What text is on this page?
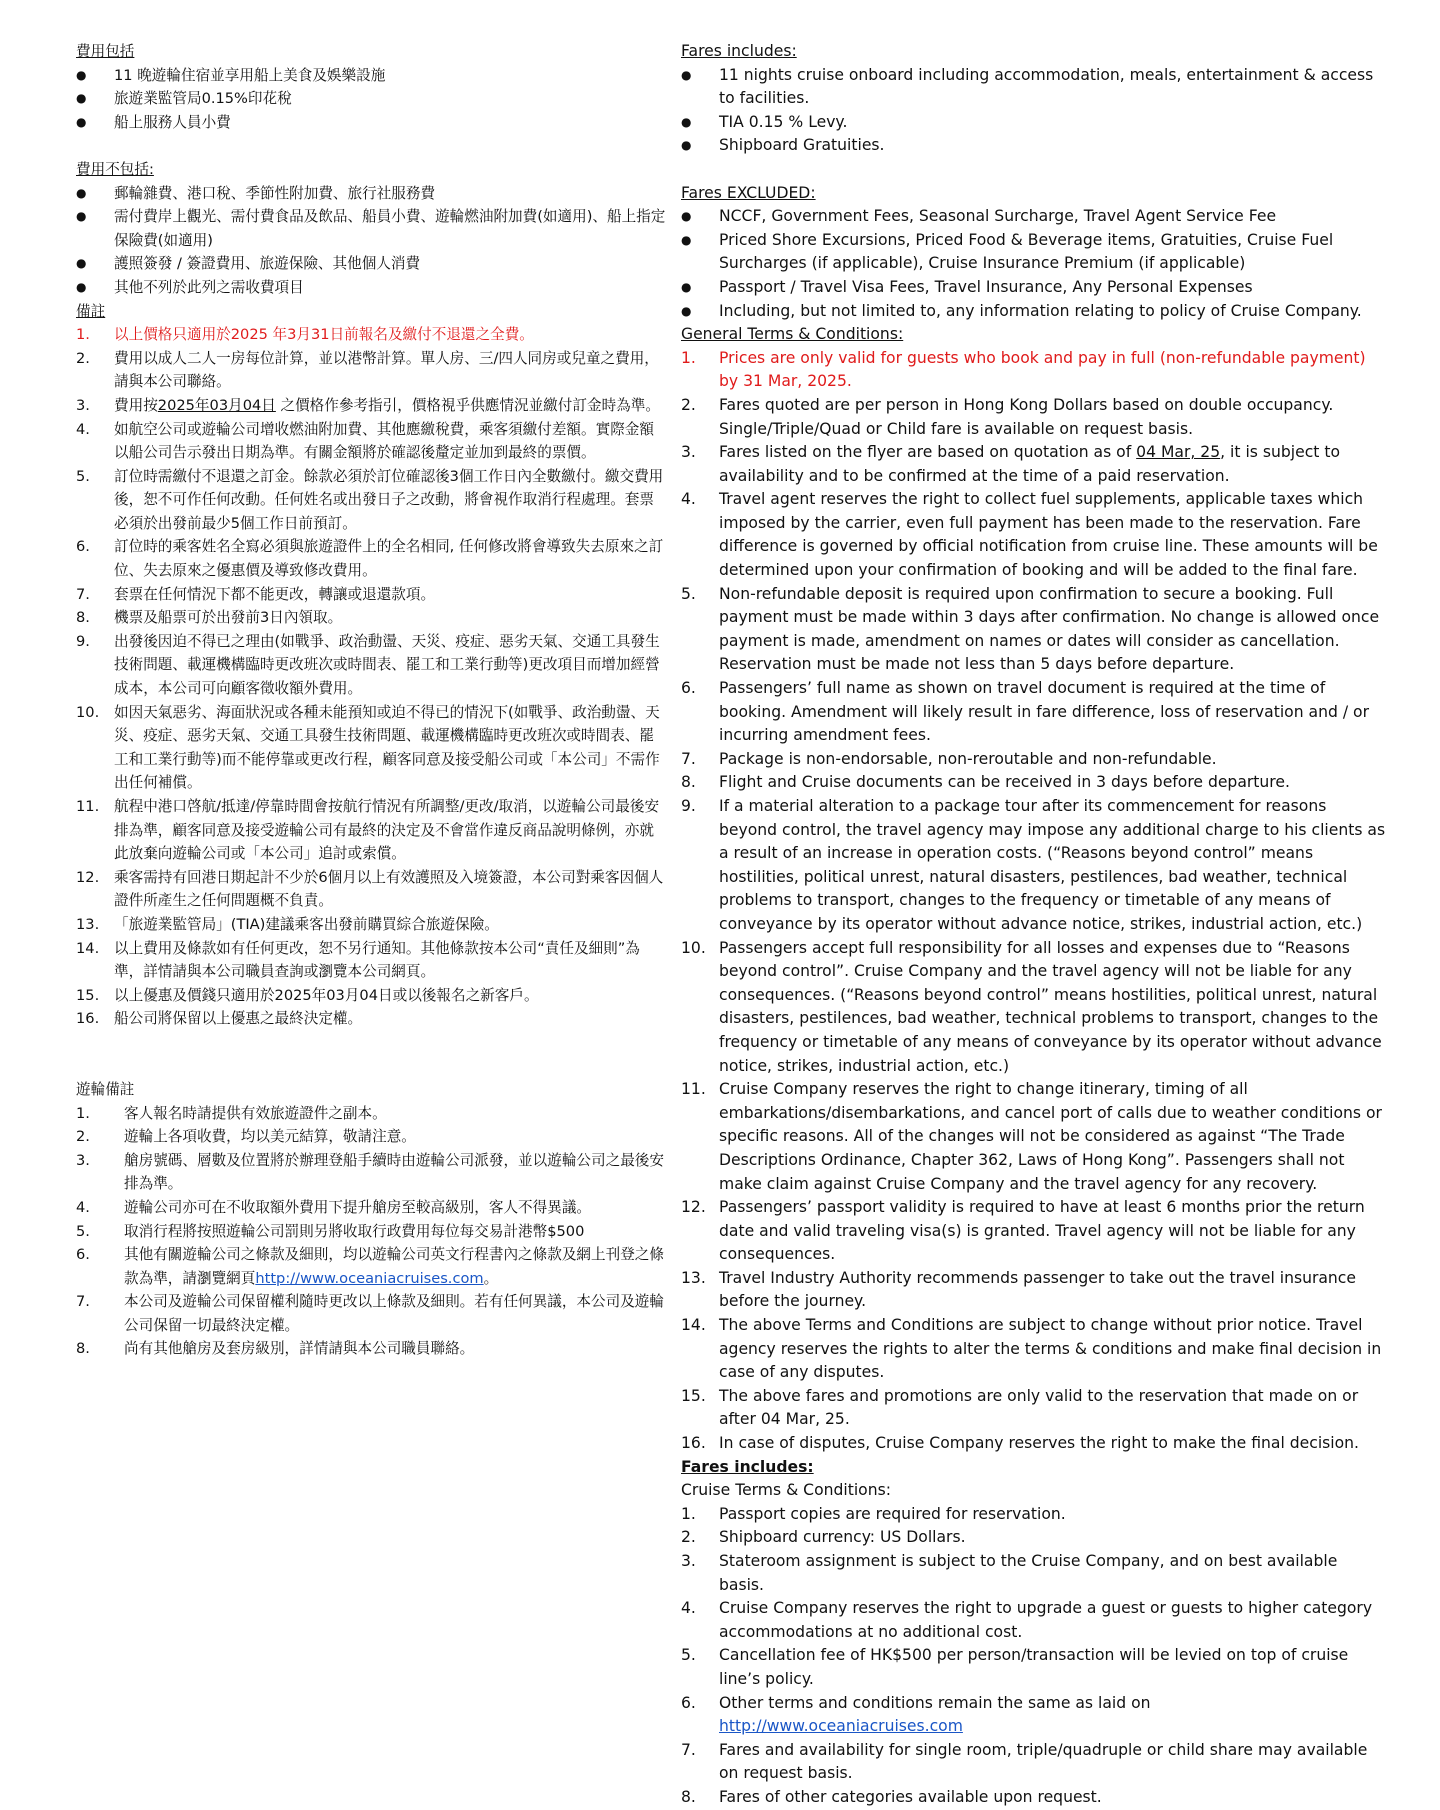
費用包括

●	11 晚遊輪住宿並享用船上美食及娛樂設施
●	旅遊業監管局0.15%印花稅
●	船上服務人員小費

費用不包括:

●	郵輪雜費、港口稅、季節性附加費、旅行社服務費
●	需付費岸上觀光、需付費食品及飲品、船員小費、遊輪燃油附加費(如適用)、船上指定保險費(如適用)
●	護照簽發 / 簽證費用、旅遊保險、其他個人消費
●	其他不列於此列之需收費項目

備註

1.	以上價格只適用於2025 年3月31日前報名及繳付不退還之全費。
2.	費用以成人二人一房每位計算，並以港幣計算。單人房、三/四人同房或兒童之費用，請與本公司聯絡。
3.	費用按2025年03月04日 之價格作參考指引，價格視乎供應情況並繳付訂金時為準。
4.	如航空公司或遊輪公司增收燃油附加費、其他應繳稅費，乘客須繳付差額。實際金額以船公司告示發出日期為準。有關金額將於確認後釐定並加到最終的票價。
5.	訂位時需繳付不退還之訂金。餘款必須於訂位確認後3個工作日內全數繳付。繳交費用後，恕不可作任何改動。任何姓名或出發日子之改動，將會視作取消行程處理。套票必須於出發前最少5個工作日前預訂。
6.	訂位時的乘客姓名全寫必須與旅遊證件上的全名相同, 任何修改將會導致失去原來之訂位、失去原來之優惠價及導致修改費用。
7.	套票在任何情況下都不能更改，轉讓或退還款項。
8.	機票及船票可於出發前3日內領取。
9.	出發後因迫不得已之理由(如戰爭、政治動盪、天災、疫症、惡劣天氣、交通工具發生技術問題、載運機構臨時更改班次或時間表、罷工和工業行動等)更改項目而增加經營成本，本公司可向顧客徵收額外費用。
10.	如因天氣惡劣、海面狀況或各種未能預知或迫不得已的情況下(如戰爭、政治動盪、天災、疫症、惡劣天氣、交通工具發生技術問題、載運機構臨時更改班次或時間表、罷工和工業行動等)而不能停靠或更改行程，顧客同意及接受船公司或「本公司」不需作出任何補償。
11.	航程中港口啓航/抵達/停靠時間會按航行情況有所調整/更改/取消，以遊輪公司最後安排為準，顧客同意及接受遊輪公司有最終的決定及不會當作違反商品說明條例，亦就此放棄向遊輪公司或「本公司」追討或索償。
12.	乘客需持有回港日期起計不少於6個月以上有效護照及入境簽證，本公司對乘客因個人證件所產生之任何問題概不負責。
13.	「旅遊業監管局」(TIA)建議乘客出發前購買綜合旅遊保險。
14.	以上費用及條款如有任何更改，恕不另行通知。其他條款按本公司“責任及細則”為準，詳情請與本公司職員查詢或瀏覽本公司網頁。
15.	以上優惠及價錢只適用於2025年03月04日或以後報名之新客戶。
16.	船公司將保留以上優惠之最終決定權。

遊輪備註

1.	客人報名時請提供有效旅遊證件之副本。
2.	遊輪上各項收費，均以美元結算，敬請注意。
3.	艙房號碼、層數及位置將於辦理登船手續時由遊輪公司派發，並以遊輪公司之最後安排為準。
4.	遊輪公司亦可在不收取額外費用下提升艙房至較高級別，客人不得異議。
5.	取消行程將按照遊輪公司罰則另將收取行政費用每位每交易計港幣$500
6.	其他有關遊輪公司之條款及細則，均以遊輪公司英文行程書內之條款及網上刊登之條款為準，請瀏覽網頁http://www.oceaniacruises.com。
7.	本公司及遊輪公司保留權利隨時更改以上條款及細則。若有任何異議，本公司及遊輪公司保留一切最終決定權。
8.	尚有其他艙房及套房級別，詳情請與本公司職員聯絡。

Fares includes:

●	11 nights cruise onboard including accommodation, meals, entertainment & access to facilities.
●	TIA 0.15 % Levy.
●	Shipboard Gratuities.

Fares EXCLUDED:

●	NCCF, Government Fees, Seasonal Surcharge, Travel Agent Service Fee
●	Priced Shore Excursions, Priced Food & Beverage items, Gratuities, Cruise Fuel Surcharges (if applicable), Cruise Insurance Premium (if applicable)
●	Passport / Travel Visa Fees, Travel Insurance, Any Personal Expenses
●	Including, but not limited to, any information relating to policy of Cruise Company.

General Terms & Conditions:

1.	Prices are only valid for guests who book and pay in full (non-refundable payment) by 31 Mar, 2025.
2.	Fares quoted are per person in Hong Kong Dollars based on double occupancy. Single/Triple/Quad or Child fare is available on request basis.
3.	Fares listed on the flyer are based on quotation as of 04 Mar, 25, it is subject to availability and to be confirmed at the time of a paid reservation.
4.	Travel agent reserves the right to collect fuel supplements, applicable taxes which imposed by the carrier, even full payment has been made to the reservation. Fare difference is governed by official notification from cruise line. These amounts will be determined upon your confirmation of booking and will be added to the final fare.
5.	Non-refundable deposit is required upon confirmation to secure a booking. Full payment must be made within 3 days after confirmation. No change is allowed once payment is made, amendment on names or dates will consider as cancellation. Reservation must be made not less than 5 days before departure.
6.	Passengers’ full name as shown on travel document is required at the time of booking. Amendment will likely result in fare difference, loss of reservation and / or incurring amendment fees.
7.	Package is non-endorsable, non-reroutable and non-refundable.
8.	Flight and Cruise documents can be received in 3 days before departure.
9.	If a material alteration to a package tour after its commencement for reasons beyond control, the travel agency may impose any additional charge to his clients as a result of an increase in operation costs. (“Reasons beyond control” means hostilities, political unrest, natural disasters, pestilences, bad weather, technical problems to transport, changes to the frequency or timetable of any means of conveyance by its operator without advance notice, strikes, industrial action, etc.)
10. Passengers accept full responsibility for all losses and expenses due to “Reasons beyond control”. Cruise Company and the travel agency will not be liable for any consequences. (“Reasons beyond control” means hostilities, political unrest, natural disasters, pestilences, bad weather, technical problems to transport, changes to the frequency or timetable of any means of conveyance by its operator without advance notice, strikes, industrial action, etc.)
11. Cruise Company reserves the right to change itinerary, timing of all embarkations/disembarkations, and cancel port of calls due to weather conditions or specific reasons. All of the changes will not be considered as against “The Trade Descriptions Ordinance, Chapter 362, Laws of Hong Kong”. Passengers shall not make claim against Cruise Company and the travel agency for any recovery.
12. Passengers’ passport validity is required to have at least 6 months prior the return date and valid traveling visa(s) is granted. Travel agency will not be liable for any consequences.
13. Travel Industry Authority recommends passenger to take out the travel insurance before the journey.
14. The above Terms and Conditions are subject to change without prior notice. Travel agency reserves the rights to alter the terms & conditions and make final decision in case of any disputes.
15. The above fares and promotions are only valid to the reservation that made on or after 04 Mar, 25.
16. In case of disputes, Cruise Company reserves the right to make the final decision.

Fares includes:

Cruise Terms & Conditions:

1.	Passport copies are required for reservation.
2.	Shipboard currency: US Dollars.
3.	Stateroom assignment is subject to the Cruise Company, and on best available basis.
4.	Cruise Company reserves the right to upgrade a guest or guests to higher category accommodations at no additional cost.
5.	Cancellation fee of HK$500 per person/transaction will be levied on top of cruise line’s policy.
6.	Other terms and conditions remain the same as laid on http://www.oceaniacruises.com
7.	Fares and availability for single room, triple/quadruple or child share may available on request basis.
8.	Fares of other categories available upon request.
